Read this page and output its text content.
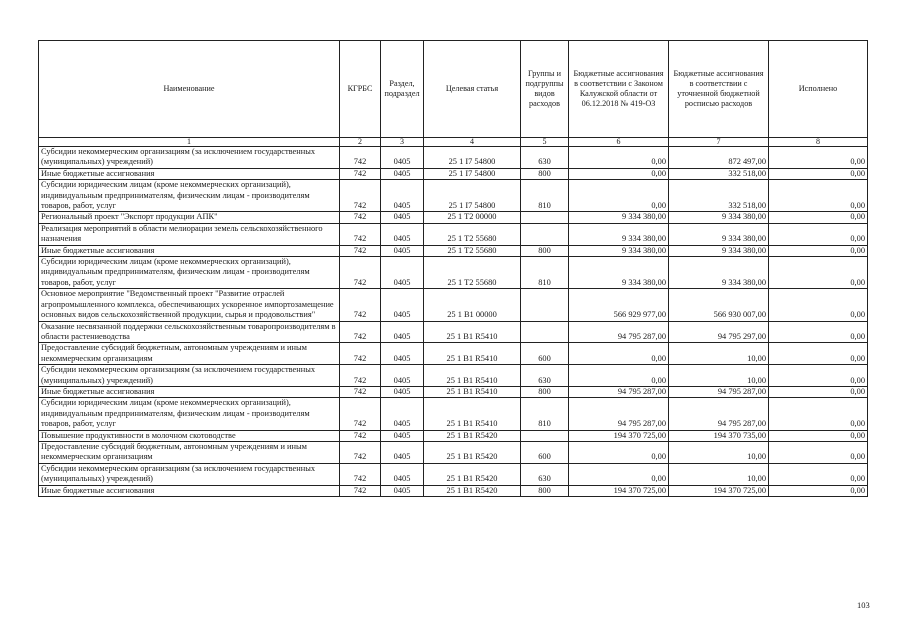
Наименование	КГРБС	Раздел, подраздел	Целевая статья	Группы и подгруппы видов расходов	Бюджетные ассигнования в соответствии с Законом Калужской области от 06.12.2018 № 419-ОЗ	Бюджетные ассигнования в соответствии с уточненной бюджетной росписью расходов	Исполнено
1	2	3	4	5	6	7	8
Субсидии некоммерческим организациям (за исключением государственных (муниципальных) учреждений)	742	0405	25 1 I7 54800	630	0,00	872 497,00	0,00
Иные бюджетные ассигнования	742	0405	25 1 I7 54800	800	0,00	332 518,00	0,00
Субсидии юридическим лицам (кроме некоммерческих организаций), индивидуальным предпринимателям, физическим лицам - производителям товаров, работ, услуг	742	0405	25 1 I7 54800	810	0,00	332 518,00	0,00
Региональный проект "Экспорт продукции АПК"	742	0405	25 1 T2 00000		9 334 380,00	9 334 380,00	0,00
Реализация мероприятий в области мелиорации земель сельскохозяйственного назначения	742	0405	25 1 T2 55680		9 334 380,00	9 334 380,00	0,00
Иные бюджетные ассигнования	742	0405	25 1 T2 55680	800	9 334 380,00	9 334 380,00	0,00
Субсидии юридическим лицам (кроме некоммерческих организаций), индивидуальным предпринимателям, физическим лицам - производителям товаров, работ, услуг	742	0405	25 1 T2 55680	810	9 334 380,00	9 334 380,00	0,00
Основное мероприятие "Ведомственный проект "Развитие отраслей агропромышленного комплекса, обеспечивающих ускоренное импортозамещение основных видов сельскохозяйственной продукции, сырья и продовольствия"	742	0405	25 1 B1 00000		566 929 977,00	566 930 007,00	0,00
Оказание несвязанной поддержки сельскохозяйственным товаропроизводителям в области растениеводства	742	0405	25 1 B1 R5410		94 795 287,00	94 795 297,00	0,00
Предоставление субсидий бюджетным, автономным учреждениям и иным некоммерческим организациям	742	0405	25 1 B1 R5410	600	0,00	10,00	0,00
Субсидии некоммерческим организациям (за исключением государственных (муниципальных) учреждений)	742	0405	25 1 B1 R5410	630	0,00	10,00	0,00
Иные бюджетные ассигнования	742	0405	25 1 B1 R5410	800	94 795 287,00	94 795 287,00	0,00
Субсидии юридическим лицам (кроме некоммерческих организаций), индивидуальным предпринимателям, физическим лицам - производителям товаров, работ, услуг	742	0405	25 1 B1 R5410	810	94 795 287,00	94 795 287,00	0,00
Повышение продуктивности в молочном скотоводстве	742	0405	25 1 B1 R5420		194 370 725,00	194 370 735,00	0,00
Предоставление субсидий бюджетным, автономным учреждениям и иным некоммерческим организациям	742	0405	25 1 B1 R5420	600	0,00	10,00	0,00
Субсидии некоммерческим организациям (за исключением государственных (муниципальных) учреждений)	742	0405	25 1 B1 R5420	630	0,00	10,00	0,00
Иные бюджетные ассигнования	742	0405	25 1 B1 R5420	800	194 370 725,00	194 370 725,00	0,00
103
